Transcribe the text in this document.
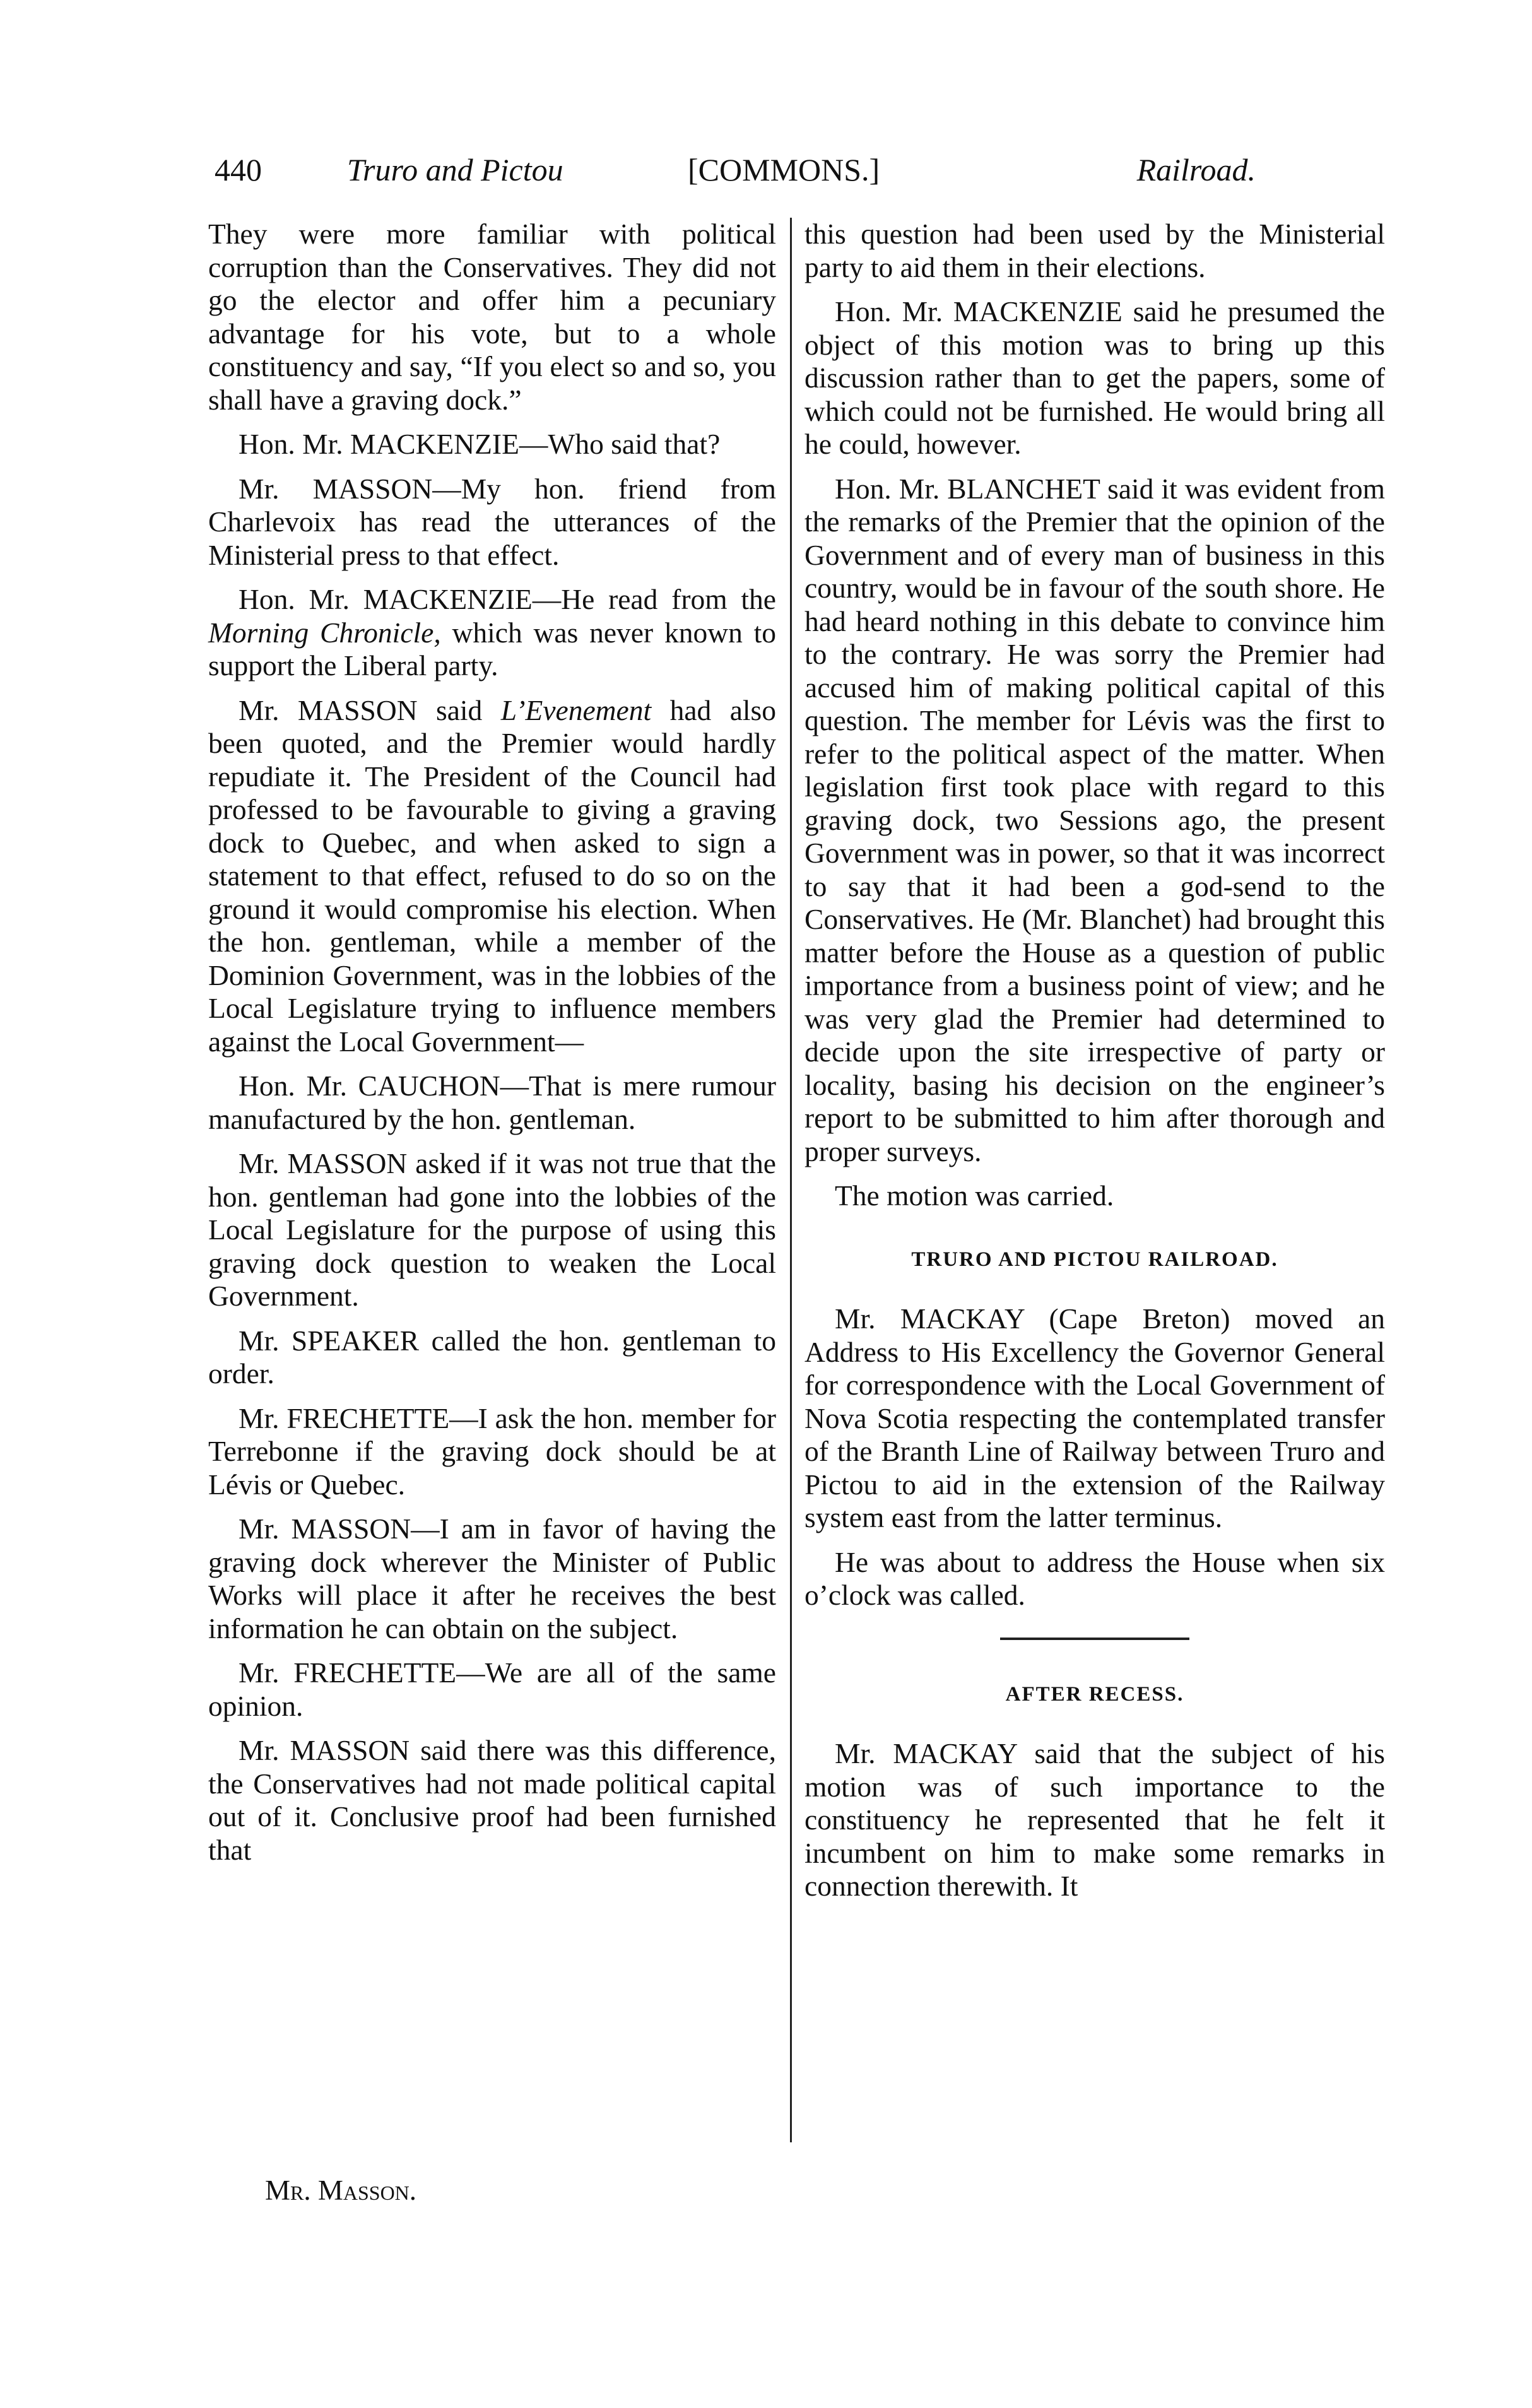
440	Truro and Pictou	[COMMONS.]	Railroad.

They were more familiar with political corruption than the Conservatives. They did not go the elector and offer him a pecuniary advantage for his vote, but to a whole constituency and say, “If you elect so and so, you shall have a graving dock.”

Hon. Mr. MACKENZIE—Who said that?

Mr. MASSON—My hon. friend from Charlevoix has read the utterances of the Ministerial press to that effect.

Hon. Mr. MACKENZIE—He read from the Morning Chronicle, which was never known to support the Liberal party.

Mr. MASSON said L’Evenement had also been quoted, and the Premier would hardly repudiate it. The President of the Council had professed to be favourable to giving a graving dock to Quebec, and when asked to sign a statement to that effect, refused to do so on the ground it would compromise his election. When the hon. gentleman, while a member of the Dominion Government, was in the lobbies of the Local Legislature trying to influence members against the Local Government—

Hon. Mr. CAUCHON—That is mere rumour manufactured by the hon. gentleman.

Mr. MASSON asked if it was not true that the hon. gentleman had gone into the lobbies of the Local Legislature for the purpose of using this graving dock question to weaken the Local Government.

Mr. SPEAKER called the hon. gentleman to order.

Mr. FRECHETTE—I ask the hon. member for Terrebonne if the graving dock should be at Lévis or Quebec.

Mr. MASSON—I am in favor of having the graving dock wherever the Minister of Public Works will place it after he receives the best information he can obtain on the subject.

Mr. FRECHETTE—We are all of the same opinion.

Mr. MASSON said there was this difference, the Conservatives had not made political capital out of it. Conclusive proof had been furnished that

this question had been used by the Ministerial party to aid them in their elections.

Hon. Mr. MACKENZIE said he presumed the object of this motion was to bring up this discussion rather than to get the papers, some of which could not be furnished. He would bring all he could, however.

Hon. Mr. BLANCHET said it was evident from the remarks of the Premier that the opinion of the Government and of every man of business in this country, would be in favour of the south shore. He had heard nothing in this debate to convince him to the contrary. He was sorry the Premier had accused him of making political capital of this question. The member for Lévis was the first to refer to the political aspect of the matter. When legislation first took place with regard to this graving dock, two Sessions ago, the present Government was in power, so that it was incorrect to say that it had been a god-send to the Conservatives. He (Mr. Blanchet) had brought this matter before the House as a question of public importance from a business point of view; and he was very glad the Premier had determined to decide upon the site irrespective of party or locality, basing his decision on the engineer’s report to be submitted to him after thorough and proper surveys.

The motion was carried.

TRURO AND PICTOU RAILROAD.

Mr. MACKAY (Cape Breton) moved an Address to His Excellency the Governor General for correspondence with the Local Government of Nova Scotia respecting the contemplated transfer of the Branth Line of Railway between Truro and Pictou to aid in the extension of the Railway system east from the latter terminus.

He was about to address the House when six o’clock was called.

AFTER RECESS.

Mr. MACKAY said that the subject of his motion was of such importance to the constituency he represented that he felt it incumbent on him to make some remarks in connection therewith. It

Mr. Masson.
